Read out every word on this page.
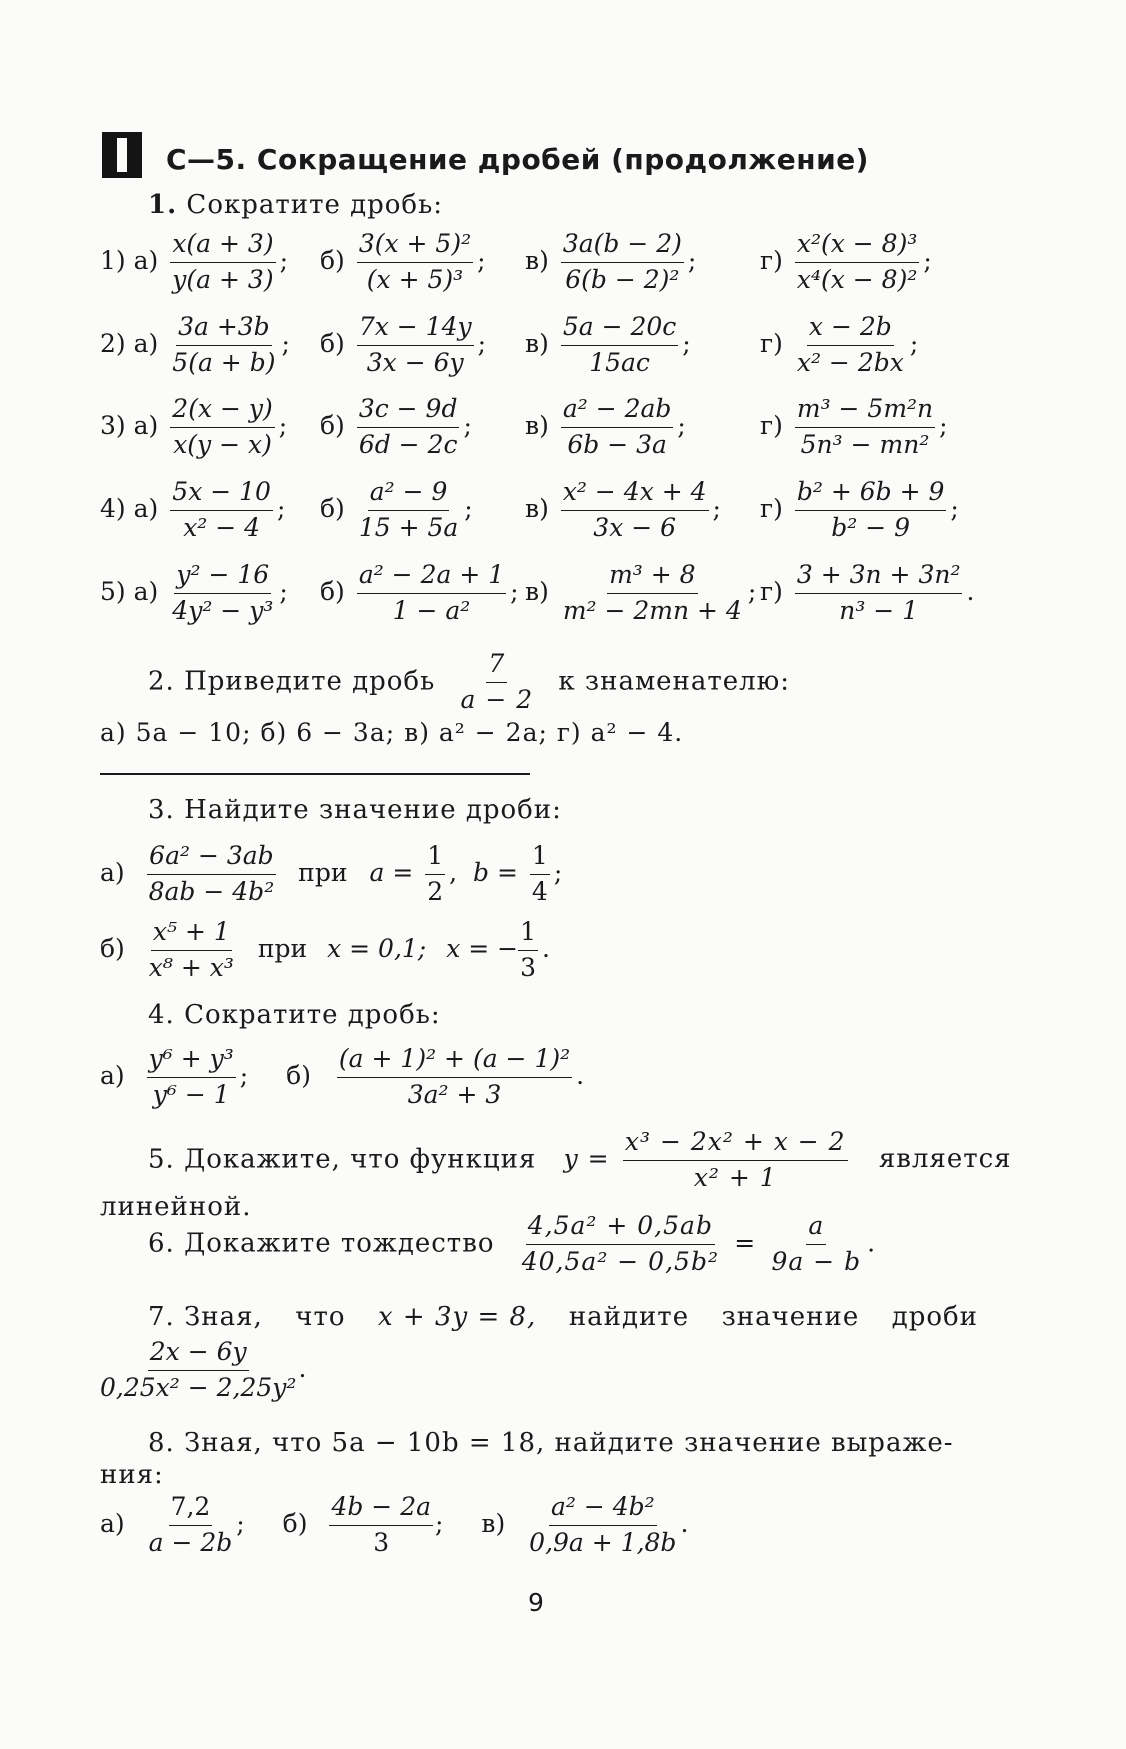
С—5. Сокращение дробей (продолжение)
1. Сократите дробь:
1) $а) \frac{x(a + 3)}{y(a + 3)}$ ; $б) \frac{\text{3(x + 5)²}}{\text{(x + 5)³}}$ ; $в) \frac{3a(b - 2)}{\text{6(b − 2)²}}$ ;	$г) \frac{\text{x²(x − 8)³}}{\text{x⁴(x − 8)²}}$ ;
2) $а) \frac{3a +3b}{5(a + b)}$ ; $б) \frac{7x - 14y}{3x - 6y}$ ; $в) \frac{5a - 20c}{15ac}$ ;	$г) \frac{x - 2b}{\text{x² − 2bx}}$ ;
3) $а) \frac{2(x - y)}{x(y - x)}$ ; $б) \frac{3c - 9d}{6d - 2c}$ ; $в) \frac{\text{a² − 2ab}}{6b - 3a}$ ;	$г) \frac{\text{m³ − 5m²n}}{\text{5n³ − mn²}}$ ;
4) $а) \frac{5x - 10}{\text{x² − 4}}$ ; $б) \frac{\text{a² − 9}}{15 + 5a}$ ; $в) \frac{\text{x² − 4x + 4}}{3x - 6}$ ; $г) \frac{\text{b² + 6b + 9}}{\text{b² − 9}}$ ;
5) $а) \frac{\text{y² − 16}}{\text{4y² − y³}}$ ; $б) \frac{\text{a² − 2a + 1}}{\text{1 − a²}}$ ; $в) \frac{\text{m³ + 8}}{\text{m² − 2mn + 4}}$ ; $г) \frac{\text{3 + 3n + 3n²}}{\text{n³ − 1}}$ .
2. Приведите дробь $\frac{7}{a - 2}$ к знаменателю:
а) 5a − 10; б) 6 − 3a; в) a² − 2a; г) a² − 4.
3. Найдите значение дроби:
$а) \frac{\text{6a² − 3ab}}{\text{8ab − 4b²}}$ при $a = \frac{1}{2}$ , $b = \frac{1}{4}$ ;
$б) \frac{\text{x⁵ + 1}}{\text{x⁸ + x³}}$ при x = 0,1; x = − $\frac{1}{3}$ .
4. Сократите дробь:
$а) \frac{\text{y⁶ + y³}}{\text{y⁶ − 1}}$ ; $б) \frac{\text{(a + 1)² + (a − 1)²}}{\text{3a² + 3}}$ .
5. Докажите, что функция $y = \frac{\text{x³ − 2x² + x − 2}}{\text{x² + 1}}$ является
линейной.
6. Докажите тождество $\frac{\text{4,5a² + 0,5ab}}{\text{40,5a² − 0,5b²}} = \frac{a}{9a - b}$ .
7. Зная, что x + 3y = 8, найдите значение дроби
$\frac{2x - 6y}{\text{0,25x² − 2,25y²}}$ .
8. Зная, что 5a − 10b = 18, найдите значение выраже-
ния:
$а) \frac{7,2}{a - 2b}$ ; $б) \frac{4b - 2a}{3}$ ; $в) \frac{\text{a² − 4b²}}{0,9a + 1,8b}$ .
9
